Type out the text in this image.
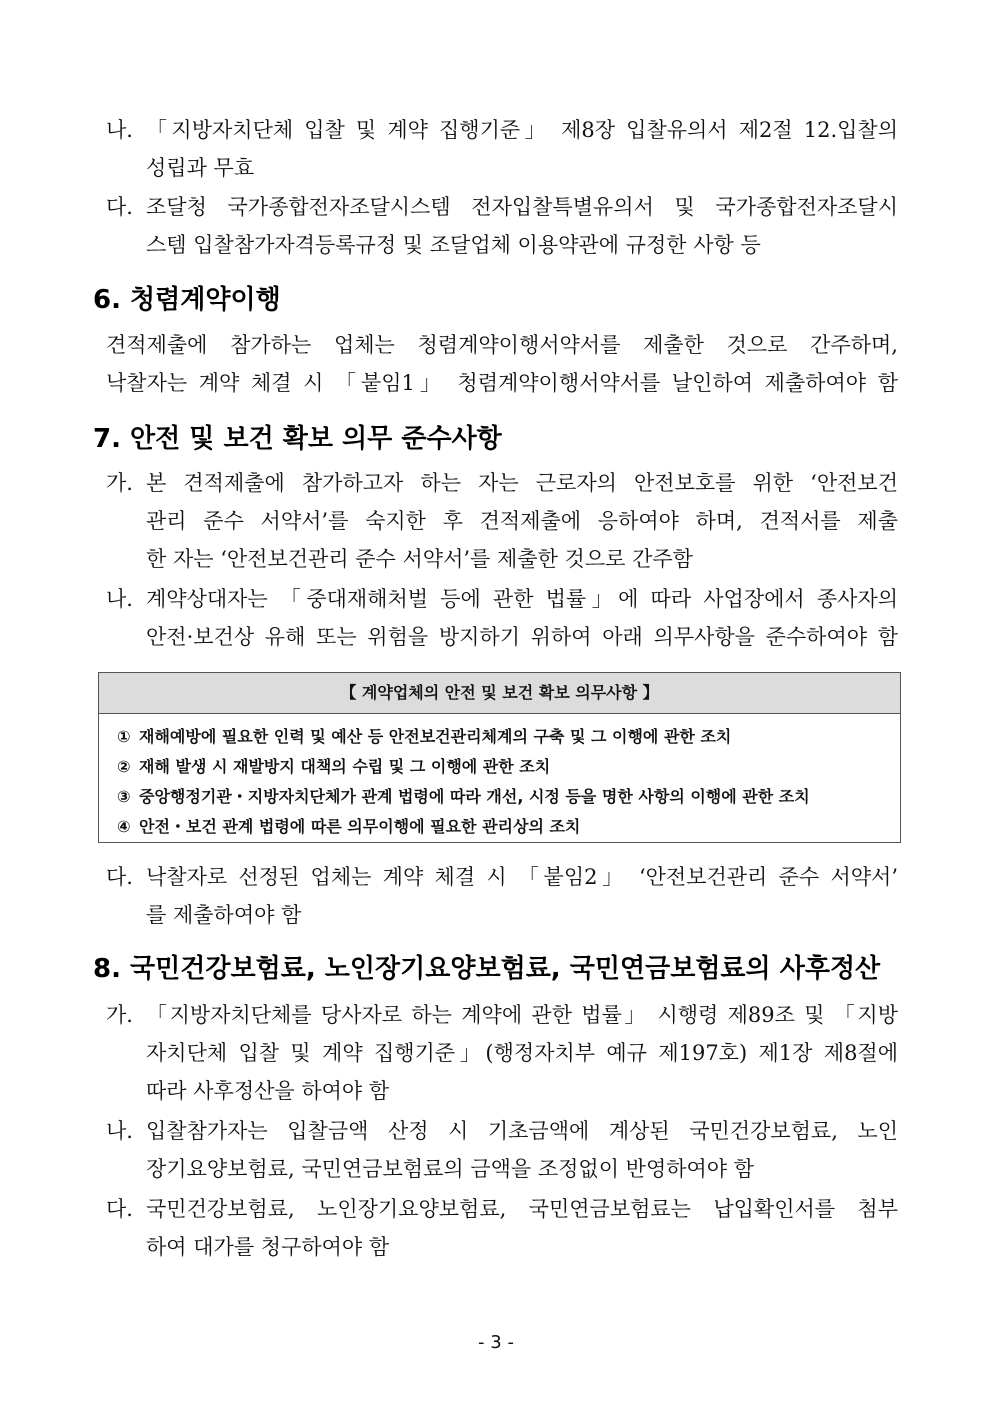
나. 「지방자치단체 입찰 및 계약 집행기준」 제8장 입찰유의서 제2절 12.입찰의
성립과 무효
다. 조달청 국가종합전자조달시스템 전자입찰특별유의서 및 국가종합전자조달시
스템 입찰참가자격등록규정 및 조달업체 이용약관에 규정한 사항 등
6. 청렴계약이행
견적제출에 참가하는 업체는 청렴계약이행서약서를 제출한 것으로 간주하며,
낙찰자는 계약 체결 시 「붙임1」 청렴계약이행서약서를 날인하여 제출하여야 함
7. 안전 및 보건 확보 의무 준수사항
가. 본 견적제출에 참가하고자 하는 자는 근로자의 안전보호를 위한 ‘안전보건
관리 준수 서약서’를 숙지한 후 견적제출에 응하여야 하며, 견적서를 제출
한 자는 ‘안전보건관리 준수 서약서’를 제출한 것으로 간주함
나. 계약상대자는 「중대재해처벌 등에 관한 법률」에 따라 사업장에서 종사자의
안전·보건상 유해 또는 위험을 방지하기 위하여 아래 의무사항을 준수하여야 함
【 계약업체의 안전 및 보건 확보 의무사항 】
① 재해예방에 필요한 인력 및 예산 등 안전보건관리체계의 구축 및 그 이행에 관한 조치
② 재해 발생 시 재발방지 대책의 수립 및 그 이행에 관한 조치
③ 중앙행정기관・지방자치단체가 관계 법령에 따라 개선, 시정 등을 명한 사항의 이행에 관한 조치
④ 안전・보건 관계 법령에 따른 의무이행에 필요한 관리상의 조치
다. 낙찰자로 선정된 업체는 계약 체결 시 「붙임2」 ‘안전보건관리 준수 서약서’
를 제출하여야 함
8. 국민건강보험료, 노인장기요양보험료, 국민연금보험료의 사후정산
가. 「지방자치단체를 당사자로 하는 계약에 관한 법률」 시행령 제89조 및 「지방
자치단체 입찰 및 계약 집행기준」(행정자치부 예규 제197호) 제1장 제8절에
따라 사후정산을 하여야 함
나. 입찰참가자는 입찰금액 산정 시 기초금액에 계상된 국민건강보험료, 노인
장기요양보험료, 국민연금보험료의 금액을 조정없이 반영하여야 함
다. 국민건강보험료, 노인장기요양보험료, 국민연금보험료는 납입확인서를 첨부
하여 대가를 청구하여야 함
- 3 -
